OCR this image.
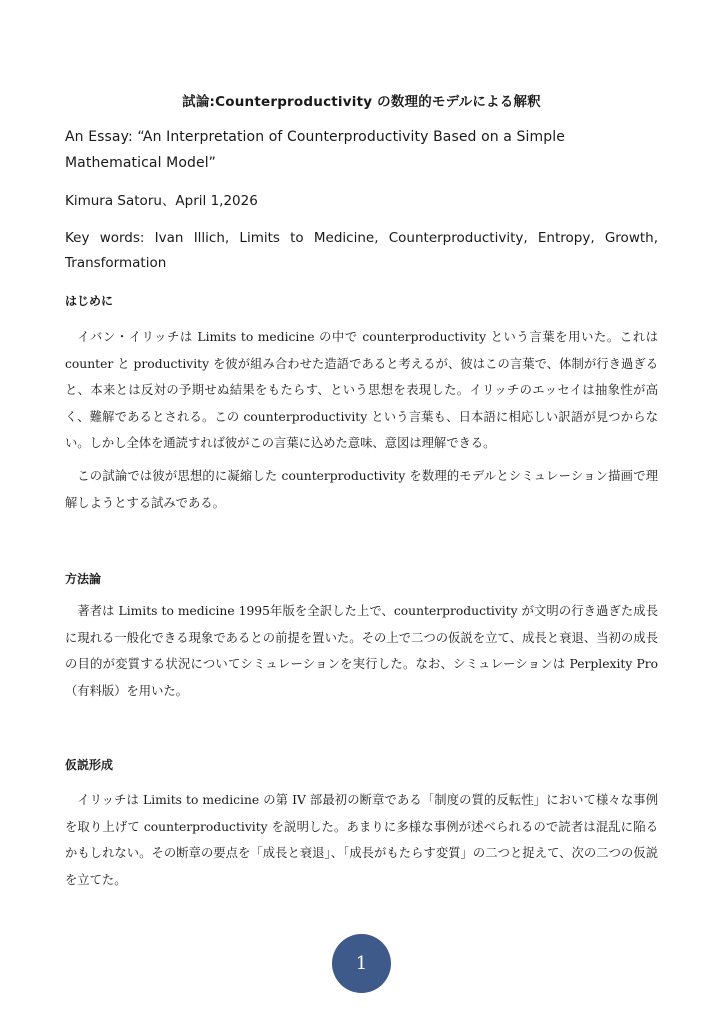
試論:Counterproductivity の数理的モデルによる解釈
An Essay: “An Interpretation of Counterproductivity Based on a Simple Mathematical Model”
Kimura Satoru、April 1,2026
Key words: Ivan Illich, Limits to Medicine, Counterproductivity, Entropy, Growth, Transformation
はじめに

イバン・イリッチは Limits to medicine の中で counterproductivity という言葉を用いた。これは counter と productivity を彼が組み合わせた造語であると考えるが、彼はこの言葉で、体制が行き過ぎると、本来とは反対の予期せぬ結果をもたらす、という思想を表現した。イリッチのエッセイは抽象性が高く、難解であるとされる。この counterproductivity という言葉も、日本語に相応しい訳語が見つからない。しかし全体を通読すれば彼がこの言葉に込めた意味、意図は理解できる。

この試論では彼が思想的に凝縮した counterproductivity を数理的モデルとシミュレーション描画で理解しようとする試みである。

方法論

著者は Limits to medicine 1995年版を全訳した上で、counterproductivity が文明の行き過ぎた成長に現れる一般化できる現象であるとの前提を置いた。その上で二つの仮説を立て、成長と衰退、当初の成長の目的が変質する状況についてシミュレーションを実行した。なお、シミュレーションは Perplexity Pro（有料版）を用いた。

仮説形成

イリッチは Limits to medicine の第 IV 部最初の断章である「制度の質的反転性」において様々な事例を取り上げて counterproductivity を説明した。あまりに多様な事例が述べられるので読者は混乱に陥るかもしれない。その断章の要点を「成長と衰退」、「成長がもたらす変質」の二つと捉えて、次の二つの仮説を立てた。

1
